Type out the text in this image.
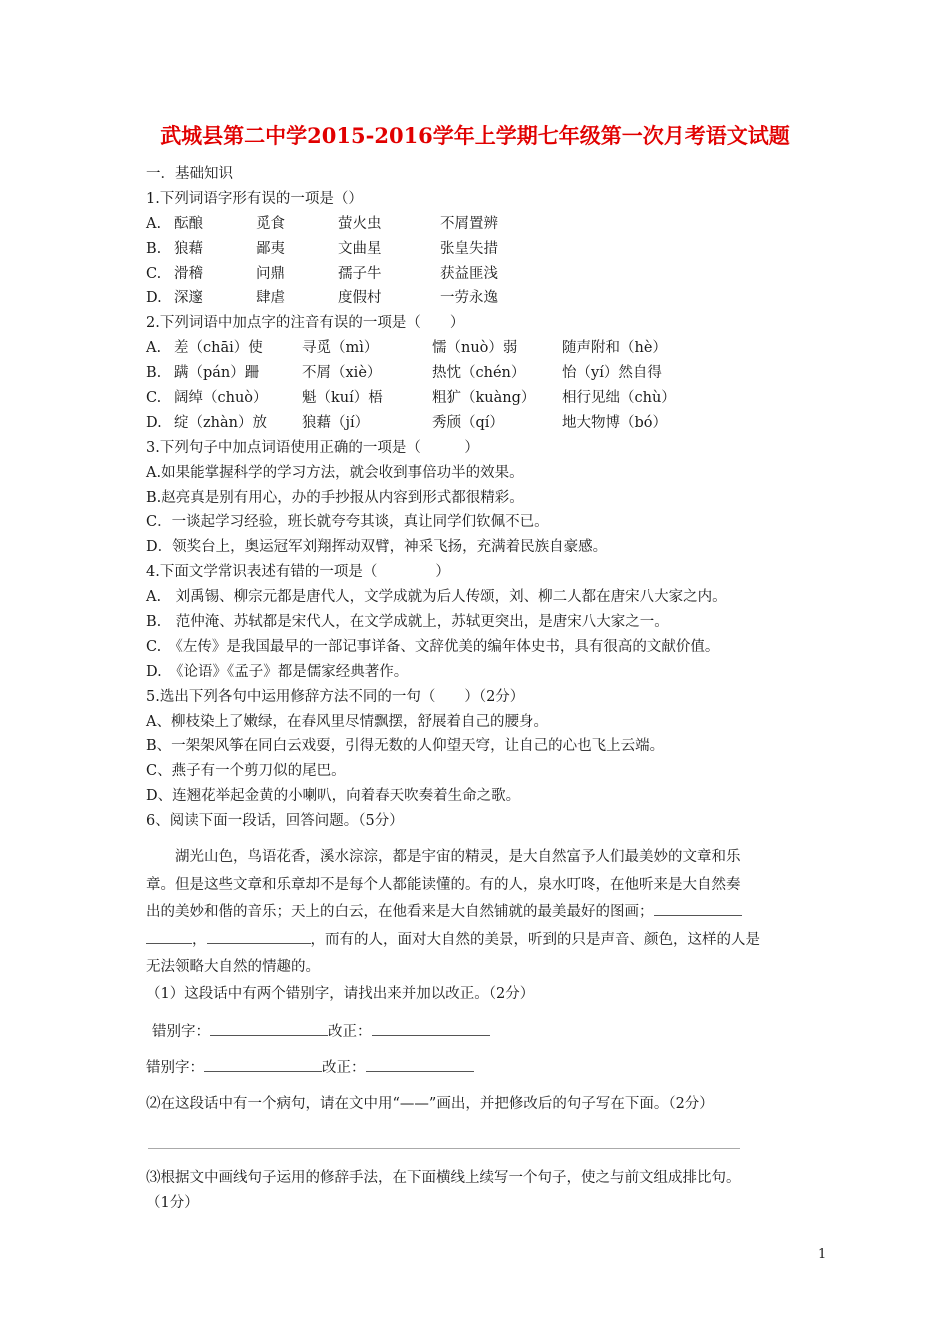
武城县第二中学2015-2016学年上学期七年级第一次月考语文试题
一．基础知识
1.下列词语字形有误的一项是（）
A. 酝酿	觅食	萤火虫	不屑置辨
B. 狼藉	鄙夷	文曲星	张皇失措
C. 滑稽	问鼎	孺子牛	获益匪浅
D. 深邃	肆虐	度假村	一劳永逸
2.下列词语中加点字的注音有误的一项是（　　）
A. 差（chāi）使	寻觅（mì）	懦（nuò）弱	随声附和（hè）
B. 蹒（pán）跚	不屑（xiè）	热忱（chén）	怡（yí）然自得
C. 阔绰（chuò）	魁（kuí）梧	粗犷（kuàng）	相行见绌（chù）
D. 绽（zhàn）放	狼藉（jí）	秀颀（qí）	地大物博（bó）
3.下列句子中加点词语使用正确的一项是（　　　）
A.如果能掌握科学的学习方法，就会收到事倍功半的效果。
B.赵亮真是别有用心，办的手抄报从内容到形式都很精彩。
C．一谈起学习经验，班长就夸夸其谈，真让同学们钦佩不已。
D．领奖台上，奥运冠军刘翔挥动双臂，神采飞扬，充满着民族自豪感。
4.下面文学常识表述有错的一项是（　　　　）
A.　刘禹锡、柳宗元都是唐代人，文学成就为后人传颂，刘、柳二人都在唐宋八大家之内。
B.　范仲淹、苏轼都是宋代人，在文学成就上，苏轼更突出，是唐宋八大家之一。
C.　《左传》是我国最早的一部记事详备、文辞优美的编年体史书，具有很高的文献价值。
D.　《论语》《孟子》都是儒家经典著作。
5.选出下列各句中运用修辞方法不同的一句（　　）（2分）
A、柳枝染上了嫩绿，在春风里尽情飘摆，舒展着自己的腰身。
B、一架架风筝在同白云戏耍，引得无数的人仰望天穹，让自己的心也飞上云端。
C、燕子有一个剪刀似的尾巴。
D、连翘花举起金黄的小喇叭，向着春天吹奏着生命之歌。
6、阅读下面一段话，回答问题。（5分）
湖光山色，鸟语花香，溪水淙淙，都是宇宙的精灵，是大自然富予人们最美妙的文章和乐
章。但是这些文章和乐章却不是每个人都能读懂的。有的人，泉水叮咚，在他听来是大自然奏
出的美妙和偕的音乐；天上的白云，在他看来是大自然铺就的最美最好的图画；
，	，而有的人，面对大自然的美景，听到的只是声音、颜色，这样的人是
无法领略大自然的情趣的。
（1）这段话中有两个错别字，请找出来并加以改正。（2分）
错别字：	改正：
错别字：	改正：
⑵在这段话中有一个病句，请在文中用“——”画出，并把修改后的句子写在下面。（2分）
⑶根据文中画线句子运用的修辞手法，在下面横线上续写一个句子，使之与前文组成排比句。
（1分）
1
